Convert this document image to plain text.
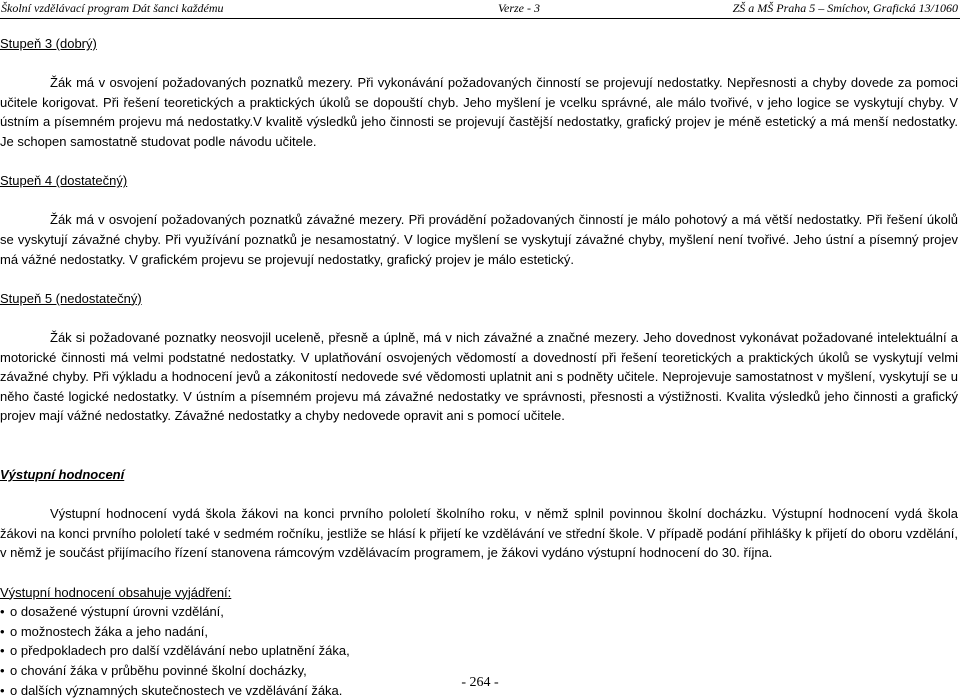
Školní vzdělávací program Dát šanci každému	Verze - 3	ZŠ a MŠ Praha 5 – Smíchov, Grafická 13/1060

Stupeň 3 (dobrý)

Žák má v osvojení požadovaných poznatků mezery. Při vykonávání požadovaných činností se projevují nedostatky. Nepřesnosti a chyby dovede za pomoci učitele korigovat. Při řešení teoretických a praktických úkolů se dopouští chyb. Jeho myšlení je vcelku správné, ale málo tvořivé, v jeho logice se vyskytují chyby. V ústním a písemném projevu má nedostatky.V kvalitě výsledků jeho činnosti se projevují častější nedostatky, grafický projev je méně estetický a má menší nedostatky. Je schopen samostatně studovat podle návodu učitele.

Stupeň 4 (dostatečný)

Žák má v osvojení požadovaných poznatků závažné mezery. Při provádění požadovaných činností je málo pohotový a má větší nedostatky. Při řešení úkolů se vyskytují závažné chyby. Při využívání poznatků je nesamostatný. V logice myšlení se vyskytují závažné chyby, myšlení není tvořivé. Jeho ústní a písemný projev má vážné nedostatky. V grafickém projevu se projevují nedostatky, grafický projev je málo estetický.

Stupeň 5 (nedostatečný)

Žák si požadované poznatky neosvojil uceleně, přesně a úplně, má v nich závažné a značné mezery. Jeho dovednost vykonávat požadované intelektuální a motorické činnosti má velmi podstatné nedostatky. V uplatňování osvojených vědomostí a dovedností při řešení teoretických a praktických úkolů se vyskytují velmi závažné chyby. Při výkladu a hodnocení jevů a zákonitostí nedovede své vědomosti uplatnit ani s podněty učitele. Neprojevuje samostatnost v myšlení, vyskytují se u něho časté logické nedostatky. V ústním a písemném projevu má závažné nedostatky ve správnosti, přesnosti a výstižnosti. Kvalita výsledků jeho činnosti a grafický projev mají vážné nedostatky. Závažné nedostatky a chyby nedovede opravit ani s pomocí učitele.

Výstupní hodnocení

Výstupní hodnocení vydá škola žákovi na konci prvního pololetí školního roku, v němž splnil povinnou školní docházku. Výstupní hodnocení vydá škola žákovi na konci prvního pololetí také v sedmém ročníku, jestliže se hlásí k přijetí ke vzdělávání ve střední škole. V případě podání přihlášky k přijetí do oboru vzdělání, v němž je součást přijímacího řízení stanovena rámcovým vzdělávacím programem, je žákovi vydáno výstupní hodnocení do 30. října.

Výstupní hodnocení obsahuje vyjádření:

• o dosažené výstupní úrovni vzdělání,
• o možnostech žáka a jeho nadání,
• o předpokladech pro další vzdělávání nebo uplatnění žáka,
• o chování žáka v průběhu povinné školní docházky,
• o dalších významných skutečnostech ve vzdělávání žáka.
- 264 -
